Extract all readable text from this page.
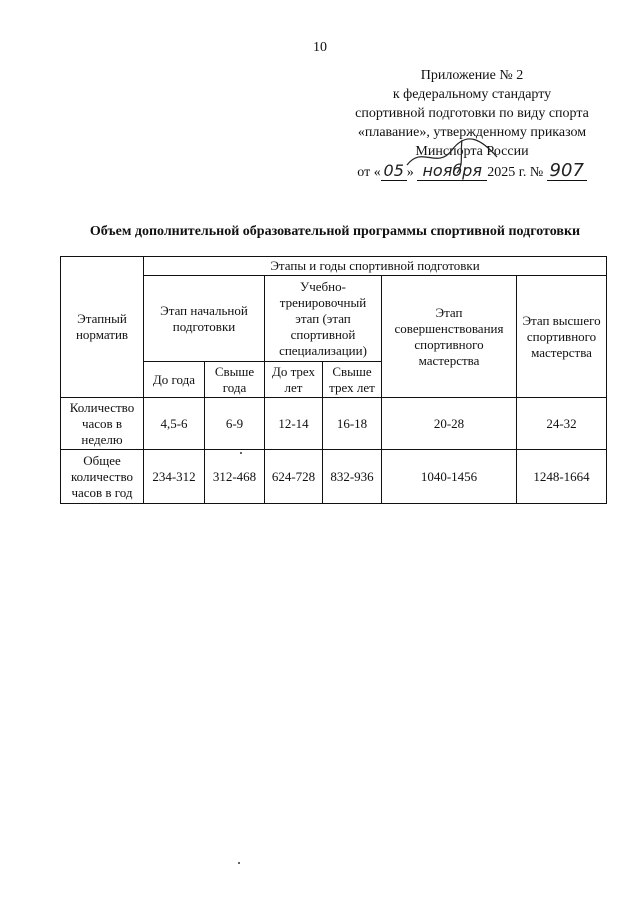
10
Приложение № 2
к федеральному стандарту
спортивной подготовки по виду спорта
«плавание», утвержденному приказом
Минспорта России
от « 05 » ноября 2025 г. № 907
Объем дополнительной образовательной программы спортивной подготовки
Этапный норматив	Этапы и годы спортивной подготовки					
	Этап начальной подготовки		Учебно-тренировочный этап (этап спортивной специализации)		Этап совершенствования спортивного мастерства	Этап высшего спортивного мастерства
	До года	Свыше года	До трех лет	Свыше трех лет		
Количество часов в неделю	4,5-6	6-9	12-14	16-18	20-28	24-32
Общее количество часов в год	234-312	312-468	624-728	832-936	1040-1456	1248-1664
